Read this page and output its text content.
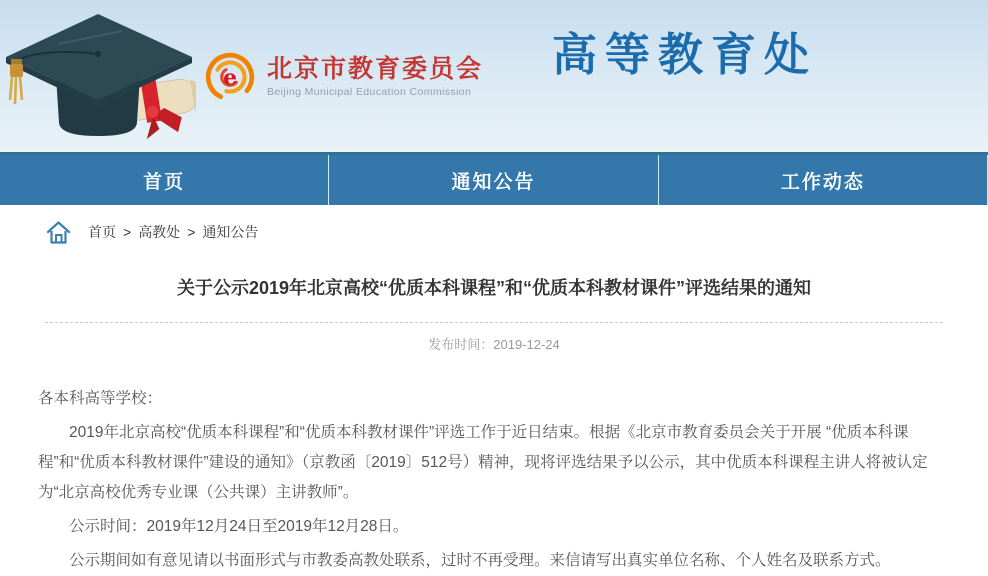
e 北京市教育委员会
Beijing Municipal Education Commission
高等教育处
首页	通知公告	工作动态
首页 > 高教处 > 通知公告
关于公示2019年北京高校“优质本科课程”和“优质本科教材课件”评选结果的通知
发布时间：2019-12-24

各本科高等学校：

2019年北京高校“优质本科课程”和“优质本科教材课件”评选工作于近日结束。根据《北京市教育委员会关于开展 “优质本科课程”和“优质本科教材课件”建设的通知》（京教函〔2019〕512号）精神，现将评选结果予以公示，其中优质本科课程主讲人将被认定为“北京高校优秀专业课（公共课）主讲教师”。

公示时间：2019年12月24日至2019年12月28日。

公示期间如有意见请以书面形式与市教委高教处联系，过时不再受理。来信请写出真实单位名称、个人姓名及联系方式。
